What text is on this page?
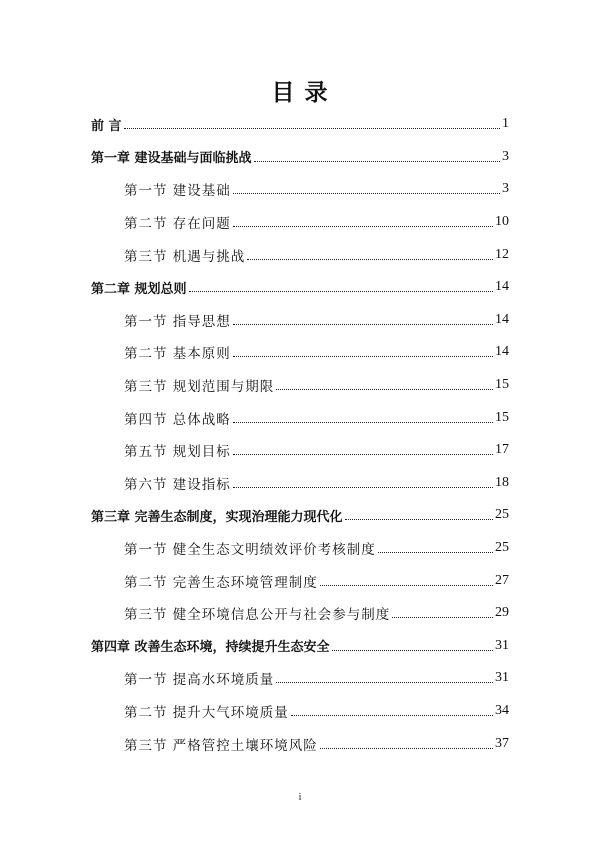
目 录
前 言	1
第一章 建设基础与面临挑战	3
第一节 建设基础	3
第二节 存在问题	10
第三节 机遇与挑战	12
第二章 规划总则	14
第一节 指导思想	14
第二节 基本原则	14
第三节 规划范围与期限	15
第四节 总体战略	15
第五节 规划目标	17
第六节 建设指标	18
第三章 完善生态制度，实现治理能力现代化	25
第一节 健全生态文明绩效评价考核制度	25
第二节 完善生态环境管理制度	27
第三节 健全环境信息公开与社会参与制度	29
第四章 改善生态环境，持续提升生态安全	31
第一节 提高水环境质量	31
第二节 提升大气环境质量	34
第三节 严格管控土壤环境风险	37
i
